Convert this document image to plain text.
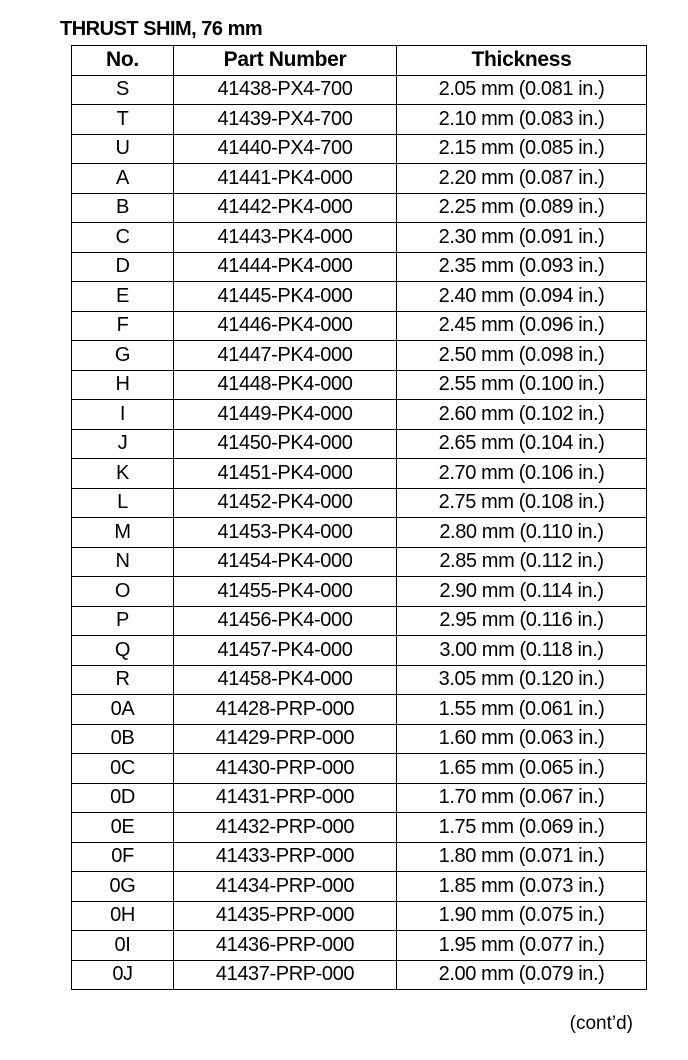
THRUST SHIM, 76 mm
No.	Part Number	Thickness
S	41438-PX4-700	2.05 mm (0.081 in.)
T	41439-PX4-700	2.10 mm (0.083 in.)
U	41440-PX4-700	2.15 mm (0.085 in.)
A	41441-PK4-000	2.20 mm (0.087 in.)
B	41442-PK4-000	2.25 mm (0.089 in.)
C	41443-PK4-000	2.30 mm (0.091 in.)
D	41444-PK4-000	2.35 mm (0.093 in.)
E	41445-PK4-000	2.40 mm (0.094 in.)
F	41446-PK4-000	2.45 mm (0.096 in.)
G	41447-PK4-000	2.50 mm (0.098 in.)
H	41448-PK4-000	2.55 mm (0.100 in.)
I	41449-PK4-000	2.60 mm (0.102 in.)
J	41450-PK4-000	2.65 mm (0.104 in.)
K	41451-PK4-000	2.70 mm (0.106 in.)
L	41452-PK4-000	2.75 mm (0.108 in.)
M	41453-PK4-000	2.80 mm (0.110 in.)
N	41454-PK4-000	2.85 mm (0.112 in.)
O	41455-PK4-000	2.90 mm (0.114 in.)
P	41456-PK4-000	2.95 mm (0.116 in.)
Q	41457-PK4-000	3.00 mm (0.118 in.)
R	41458-PK4-000	3.05 mm (0.120 in.)
0A	41428-PRP-000	1.55 mm (0.061 in.)
0B	41429-PRP-000	1.60 mm (0.063 in.)
0C	41430-PRP-000	1.65 mm (0.065 in.)
0D	41431-PRP-000	1.70 mm (0.067 in.)
0E	41432-PRP-000	1.75 mm (0.069 in.)
0F	41433-PRP-000	1.80 mm (0.071 in.)
0G	41434-PRP-000	1.85 mm (0.073 in.)
0H	41435-PRP-000	1.90 mm (0.075 in.)
0I	41436-PRP-000	1.95 mm (0.077 in.)
0J	41437-PRP-000	2.00 mm (0.079 in.)
(cont’d)
